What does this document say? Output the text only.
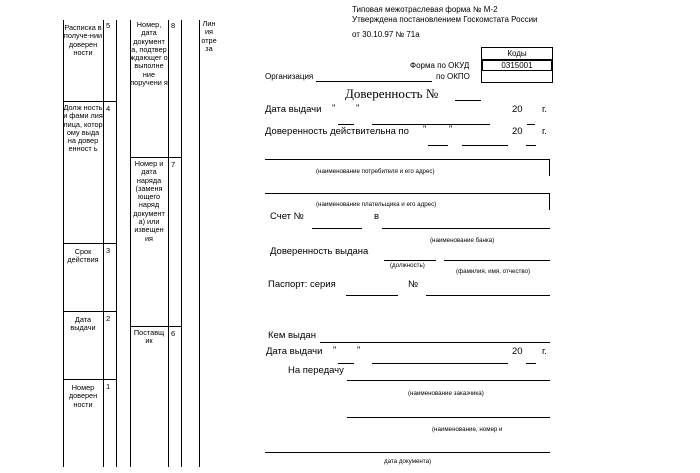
Расписка в получе-нии доверен ности
5
Долж ность и фами лия лица, котор ому выда на довер енност ь
4
Срок действия
3
Дата выдачи
2
Номер доверен ности
1
Номер, дата документ а, подтвер ждающег о выполне ние поручени я
8
Номер и дата наряда (заменя ющего наряд документ а) или извещен ия
7
Поставщ ик
6
Лин ия отре за
Типовая межотраслевая форма № М-2
Утверждена постановлением Госкомстата России
от 30.10.97 № 71а
Коды
0315001
Форма по ОКУД
по ОКПО
Организация
Доверенность №
Дата выдачи " "	20 г.
Доверенность действительна по " "	20 г.
(наименование потребителя и его адрес)
(наименование плательщика и его адрес)
Счет №	в
(наименование банка)
Доверенность выдана
(должность)
(фамилия, имя, отчество)
Паспорт: серия	№
Кем выдан
Дата выдачи " "	20 г.
На передачу
(наименование заказчика)
(наименование, номер и
дата документа)
